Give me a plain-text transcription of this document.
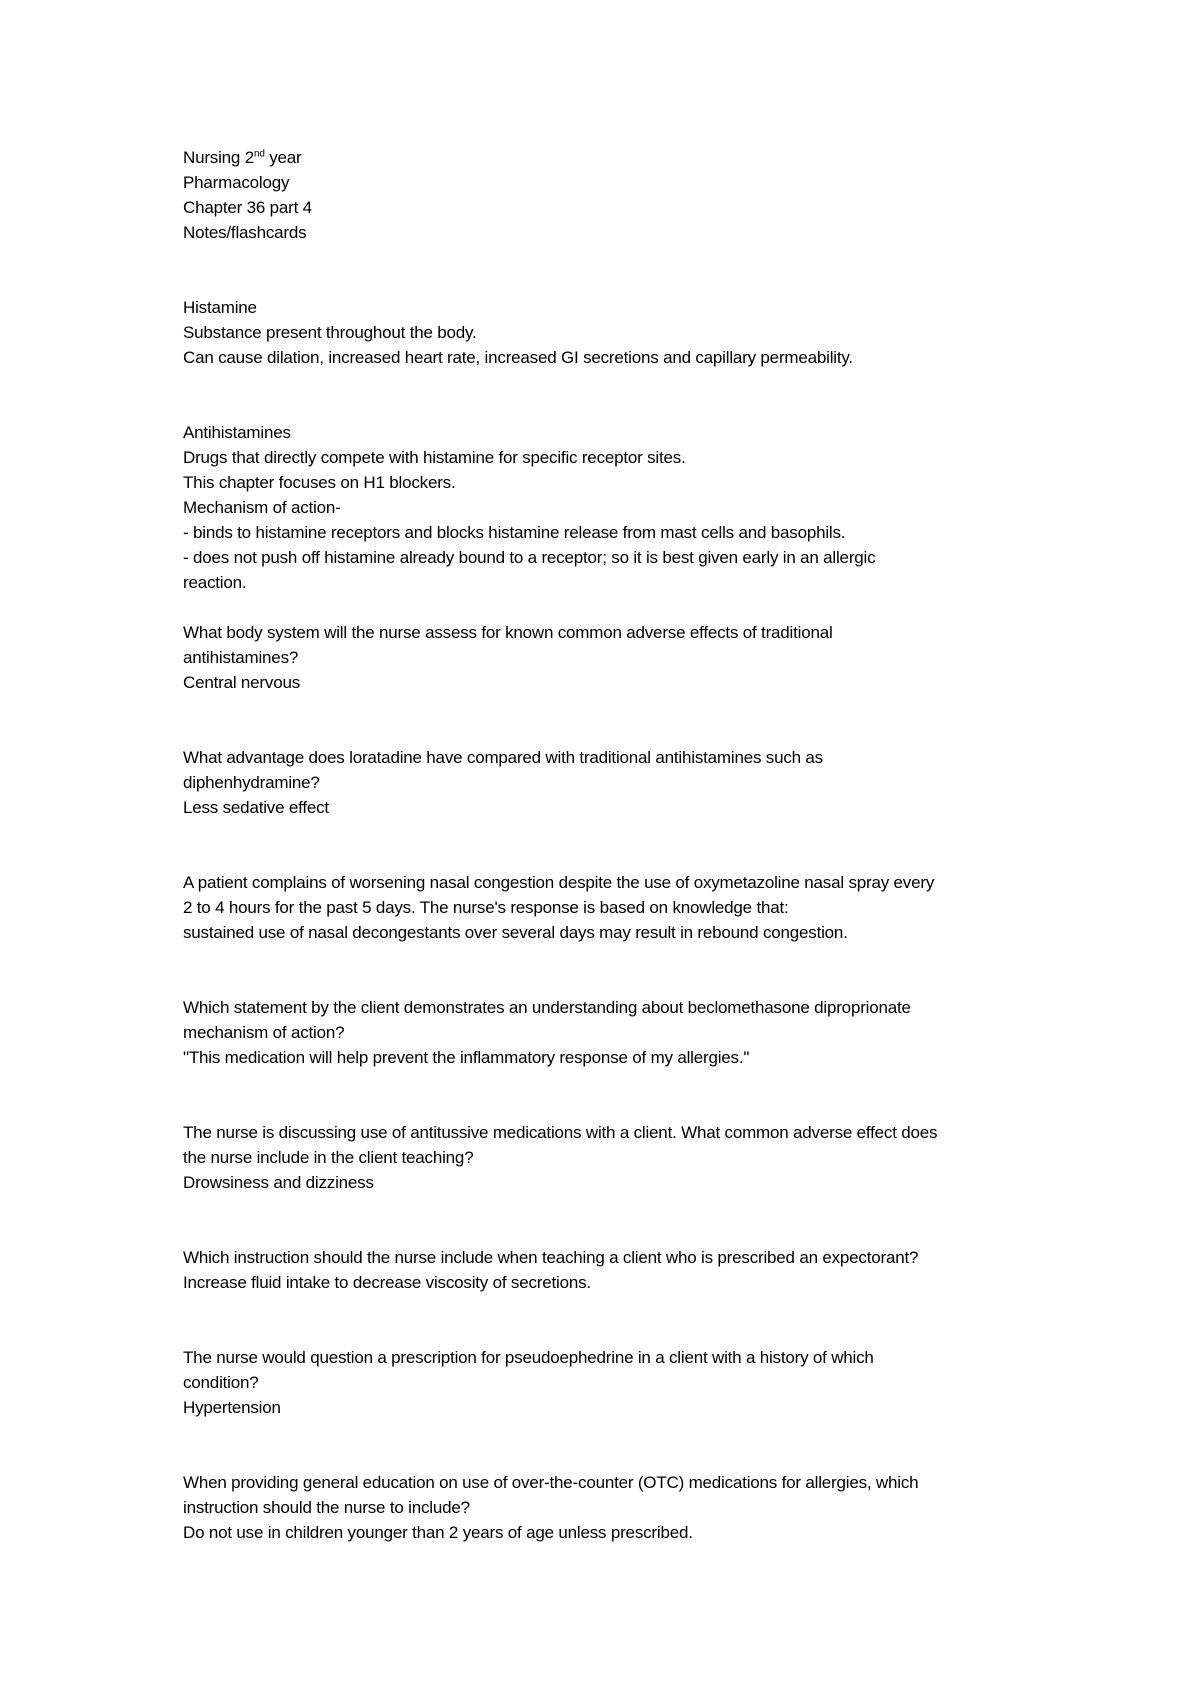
Nursing 2nd year
Pharmacology
Chapter 36 part 4
Notes/flashcards
Histamine
Substance present throughout the body.
Can cause dilation, increased heart rate, increased GI secretions and capillary permeability.
Antihistamines
Drugs that directly compete with histamine for specific receptor sites.
This chapter focuses on H1 blockers.
Mechanism of action-
- binds to histamine receptors and blocks histamine release from mast cells and basophils.
- does not push off histamine already bound to a receptor; so it is best given early in an allergic
reaction.
What body system will the nurse assess for known common adverse effects of traditional
antihistamines?
Central nervous
What advantage does loratadine have compared with traditional antihistamines such as
diphenhydramine?
Less sedative effect
A patient complains of worsening nasal congestion despite the use of oxymetazoline nasal spray every
2 to 4 hours for the past 5 days. The nurse's response is based on knowledge that:
sustained use of nasal decongestants over several days may result in rebound congestion.
Which statement by the client demonstrates an understanding about beclomethasone diproprionate
mechanism of action?
"This medication will help prevent the inflammatory response of my allergies."
The nurse is discussing use of antitussive medications with a client. What common adverse effect does
the nurse include in the client teaching?
Drowsiness and dizziness
Which instruction should the nurse include when teaching a client who is prescribed an expectorant?
Increase fluid intake to decrease viscosity of secretions.
The nurse would question a prescription for pseudoephedrine in a client with a history of which
condition?
Hypertension
When providing general education on use of over-the-counter (OTC) medications for allergies, which
instruction should the nurse to include?
Do not use in children younger than 2 years of age unless prescribed.
